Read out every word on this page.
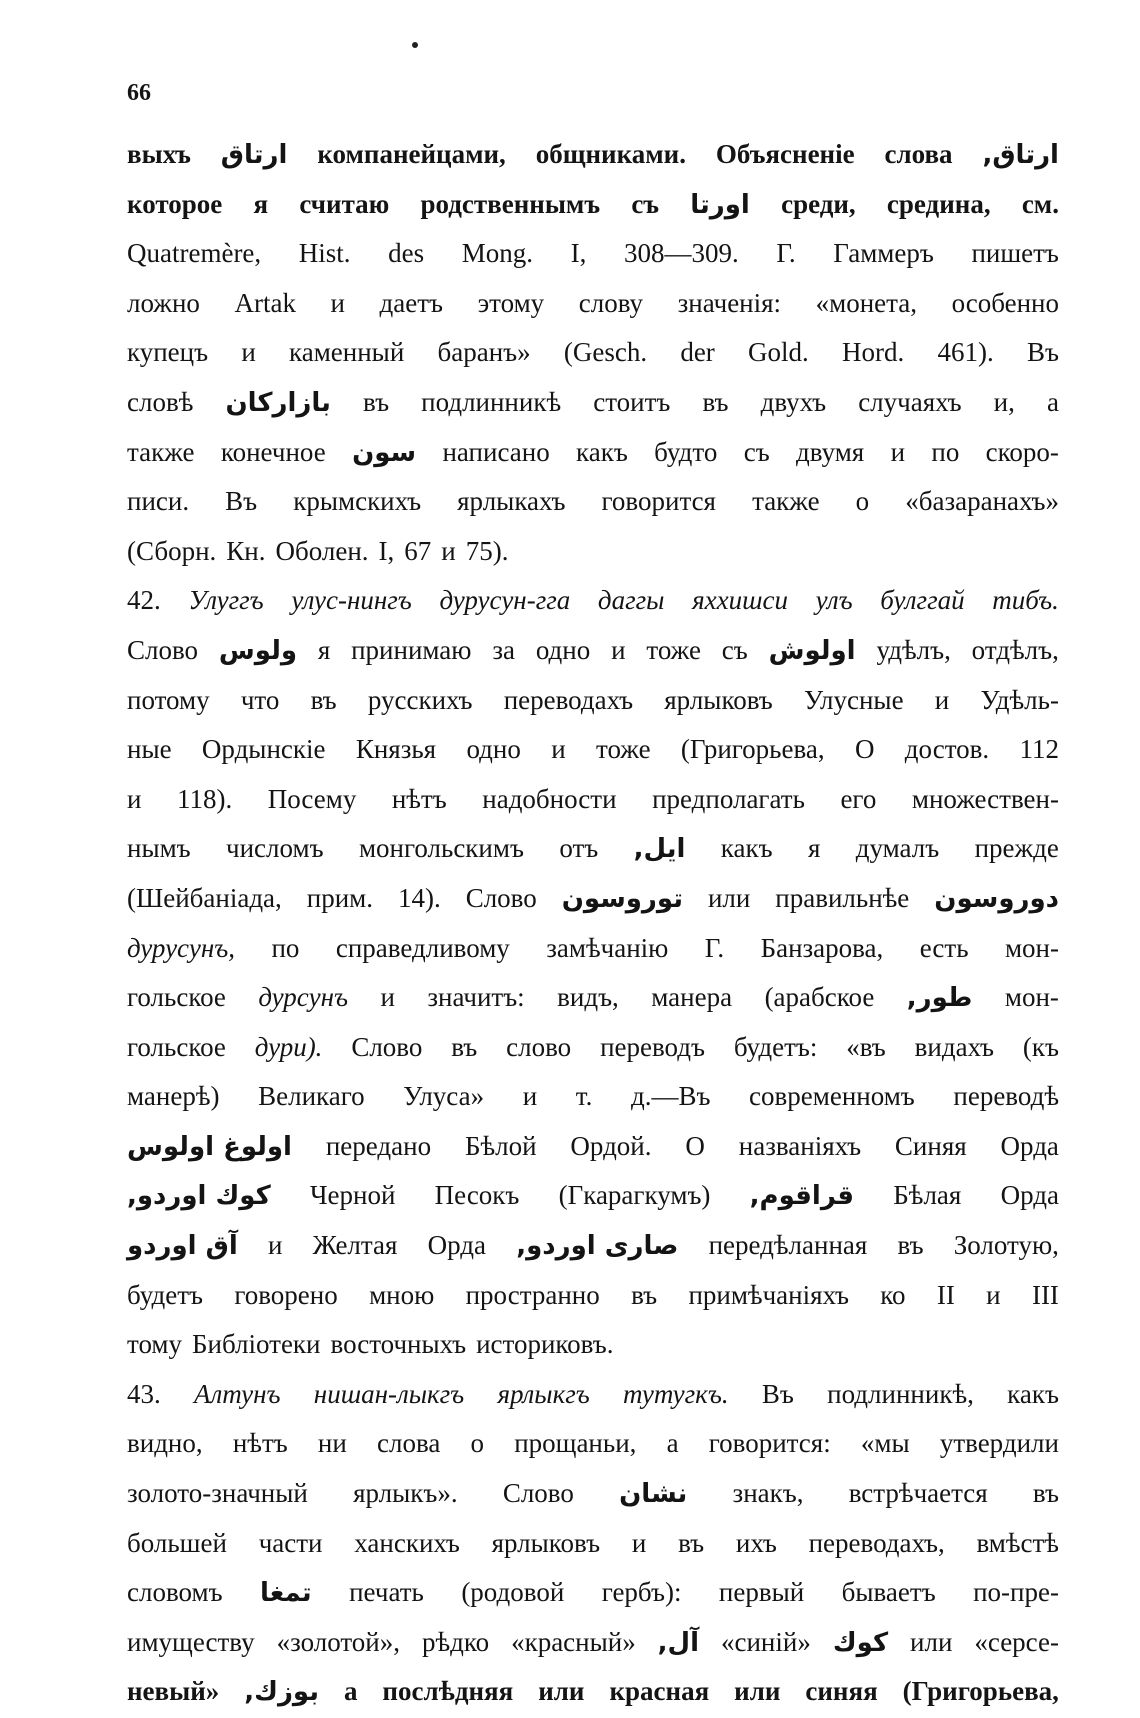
66
выхъ ارتاق компанейцами, общниками. Объясненie слова ارتاق,
которое я считаю родственнымъ съ اورتا среди, средина, см.
Quatremère, Hist. des Mong. I, 308—309. Г. Гаммеръ пишетъ
ложно Artak и даетъ этому слову значенія: «монета, особенно
купецъ и каменный баранъ» (Gesch. der Gold. Hord. 461). Въ
словѣ بازاركان въ подлинникѣ стоитъ въ двухъ случаяхъ и, а
также конечное سون написано какъ будто съ двумя и по скоро-
писи. Въ крымскихъ ярлыкахъ говорится также о «базаранахъ»
(Сборн. Кн. Оболен. I, 67 и 75).
42. Улуггъ улус-нингъ дурусун-гга даггы яххишси улъ булггай тибъ.
Слово ولوس я принимаю за одно и тоже съ اولوش удѣлъ, отдѣлъ,
потому что въ русскихъ переводахъ ярлыковъ Улусные и Удѣль-
ные Ордынскіе Князья одно и тоже (Григорьева, О достов. 112
и 118). Посему нѣтъ надобности предполагать его множествен-
нымъ числомъ монгольскимъ отъ ايل, какъ я думалъ прежде
(Шейбаніада, прим. 14). Слово توروسون или правильнѣе دوروسون
дурусунъ, по справедливому замѣчанію Г. Банзарова, есть мон-
гольское дурсунъ и значитъ: видъ, манера (арабское طور, мон-
гольское дури). Слово въ слово переводъ будетъ: «въ видахъ (къ
манерѣ) Великаго Улуса» и т. д.—Въ современномъ переводѣ
اولوغ اولوس передано Бѣлой Ордой. О названіяхъ Синяя Орда
كوك اوردو, Черной Песокъ (Гкарагкумъ) قراقوم, Бѣлая Орда
آق اوردو и Желтая Орда صارى اوردو, передѣланная въ Золотую,
будетъ говорено мною пространно въ примѣчаніяхъ ко II и III
тому Библіотеки восточныхъ историковъ.
43. Алтунъ нишан-лыкгъ ярлыкгъ тутугкъ. Въ подлинникѣ, какъ
видно, нѣтъ ни слова о прощаньи, а говорится: «мы утвердили
золото-значный ярлыкъ». Слово نشان знакъ, встрѣчается въ
большей части ханскихъ ярлыковъ и въ ихъ переводахъ, вмѣстѣ
словомъ تمغا печать (родовой гербъ): первый бываетъ по-пре-
имуществу «золотой», рѣдко «красный» آل, «синій» كوك или «серсе-
невый» بوزك, а послѣдняя или красная или синяя (Григорьева,
